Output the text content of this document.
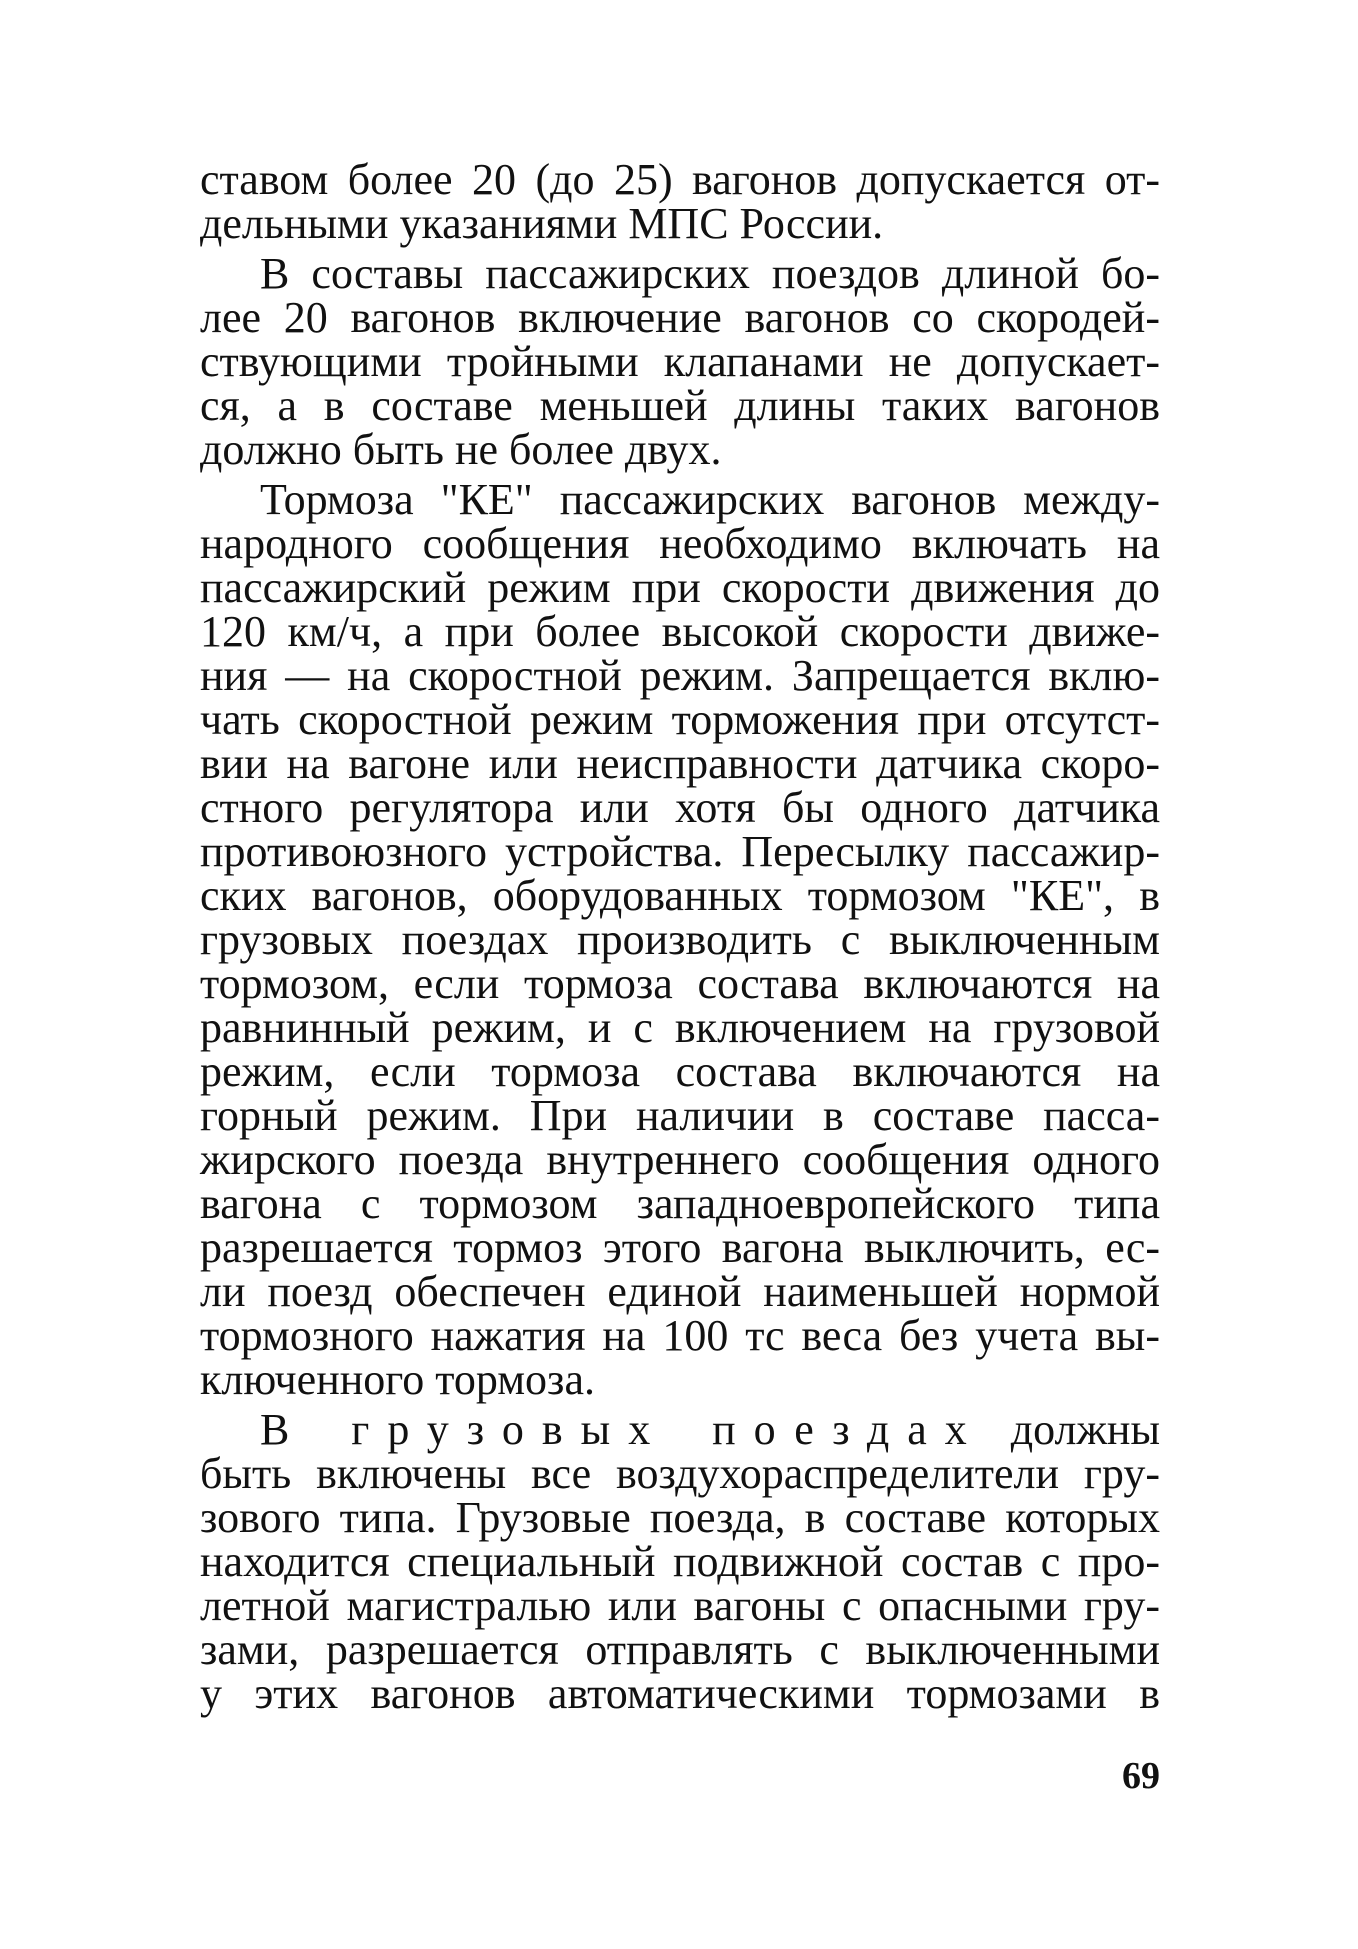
ставом более 20 (до 25) вагонов допускается от-
дельными указаниями МПС России.
В составы пассажирских поездов длиной бо-
лее 20 вагонов включение вагонов со скородей-
ствующими тройными клапанами не допускает-
ся, а в составе меньшей длины таких вагонов
должно быть не более двух.
Тормоза "КЕ" пассажирских вагонов между-
народного сообщения необходимо включать на
пассажирский режим при скорости движения до
120 км/ч, а при более высокой скорости движе-
ния — на скоростной режим. Запрещается вклю-
чать скоростной режим торможения при отсутст-
вии на вагоне или неисправности датчика скоро-
стного регулятора или хотя бы одного датчика
противоюзного устройства. Пересылку пассажир-
ских вагонов, оборудованных тормозом "КЕ", в
грузовых поездах производить с выключенным
тормозом, если тормоза состава включаются на
равнинный режим, и с включением на грузовой
режим, если тормоза состава включаются на
горный режим. При наличии в составе пасса-
жирского поезда внутреннего сообщения одного
вагона с тормозом западноевропейского типа
разрешается тормоз этого вагона выключить, ес-
ли поезд обеспечен единой наименьшей нормой
тормозного нажатия на 100 тс веса без учета вы-
ключенного тормоза.
В грузовых поездах должны
быть включены все воздухораспределители гру-
зового типа. Грузовые поезда, в составе которых
находится специальный подвижной состав с про-
летной магистралью или вагоны с опасными гру-
зами, разрешается отправлять с выключенными
у этих вагонов автоматическими тормозами в
69
